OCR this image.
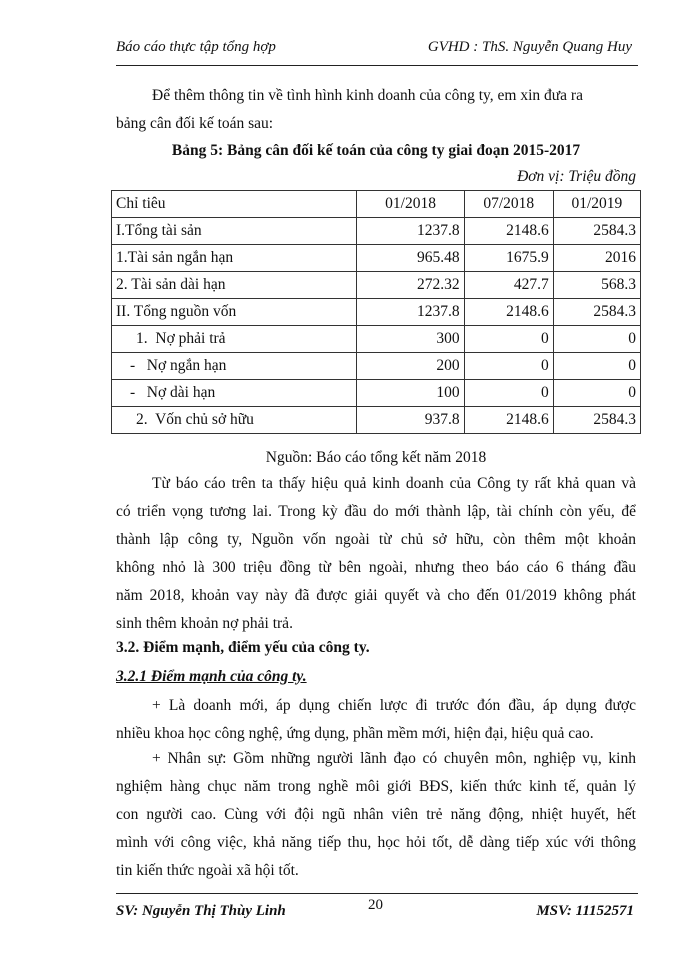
Báo cáo thực tập tổng hợp	GVHD : ThS. Nguyễn Quang Huy
Để thêm thông tin về tình hình kinh doanh của công ty, em xin đưa ra
bảng cân đối kế toán sau:
Bảng 5: Bảng cân đối kế toán của công ty giai đoạn 2015-2017
Đơn vị: Triệu đồng
Chỉ tiêu	01/2018	07/2018	01/2019
I.Tổng tài sản	1237.8	2148.6	2584.3
1.Tài sản ngắn hạn	965.48	1675.9	2016
2. Tài sản dài hạn	272.32	427.7	568.3
II. Tổng nguồn vốn	1237.8	2148.6	2584.3
1.  Nợ phải trả	300	0	0
-   Nợ ngắn hạn	200	0	0
-   Nợ dài hạn	100	0	0
2.  Vốn chủ sở hữu	937.8	2148.6	2584.3
Nguồn: Báo cáo tổng kết năm 2018
Từ báo cáo trên ta thấy hiệu quả kinh doanh của Công ty rất khả quan và
có triển vọng tương lai. Trong kỳ đầu do mới thành lập, tài chính còn yếu, để
thành lập công ty, Nguồn vốn ngoài từ chủ sở hữu, còn thêm một khoản
không nhỏ là 300 triệu đồng từ bên ngoài, nhưng theo báo cáo 6 tháng đầu
năm 2018, khoản vay này đã được giải quyết và cho đến 01/2019 không phát
sinh thêm khoản nợ phải trả.
3.2. Điểm mạnh, điểm yếu của công ty.
3.2.1 Điểm mạnh của công ty.
+ Là doanh mới, áp dụng chiến lược đi trước đón đầu, áp dụng được
nhiều khoa học công nghệ, ứng dụng, phần mềm mới, hiện đại, hiệu quả cao.
+ Nhân sự: Gồm những người lãnh đạo có chuyên môn, nghiệp vụ, kinh
nghiệm hàng chục năm trong nghề môi giới BĐS, kiến thức kinh tế, quản lý
con người cao. Cùng với đội ngũ nhân viên trẻ năng động, nhiệt huyết, hết
mình với công việc, khả năng tiếp thu, học hỏi tốt, dễ dàng tiếp xúc với thông
tin kiến thức ngoài xã hội tốt.
SV: Nguyễn Thị Thùy Linh	20	MSV: 11152571
